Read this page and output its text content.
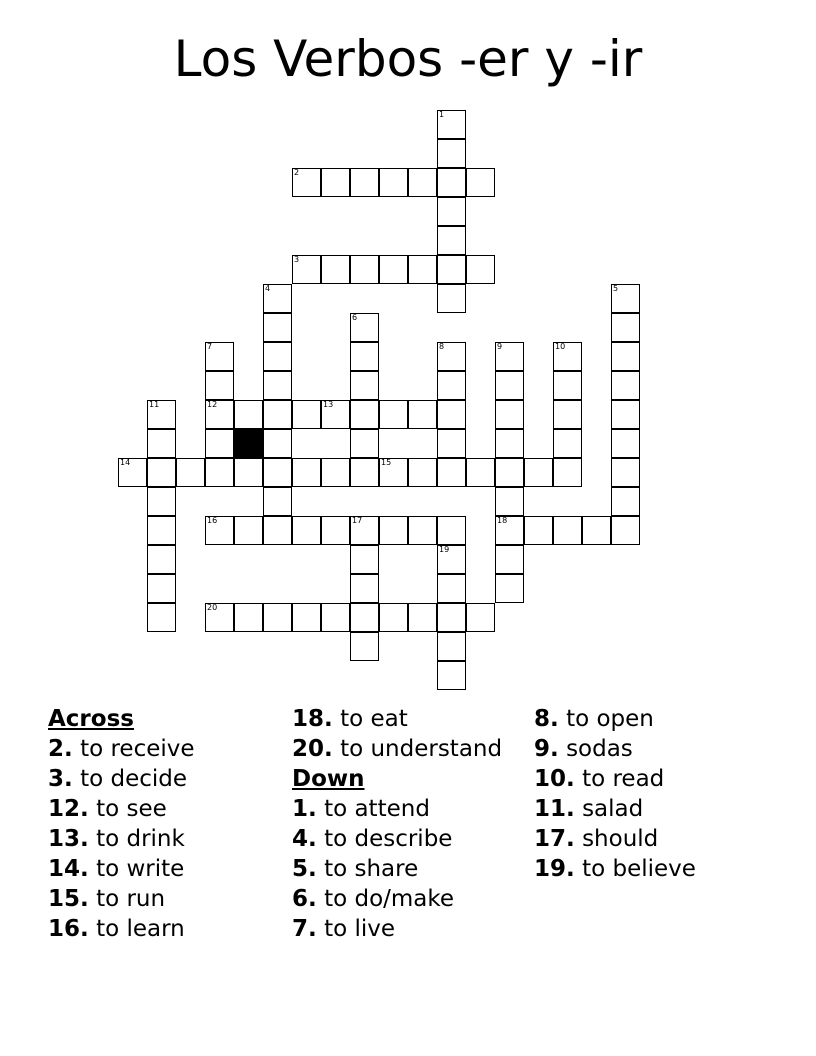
Los Verbos -er y -ir
2
3
12	13
14	15
16	17	18
20
1
4	5
6
7	8	9	10
11
19
Across
2. to receive
3. to decide
12. to see
13. to drink
14. to write
15. to run
16. to learn
18. to eat
20. to understand
Down
1. to attend
4. to describe
5. to share
6. to do/make
7. to live
8. to open
9. sodas
10. to read
11. salad
17. should
19. to believe
